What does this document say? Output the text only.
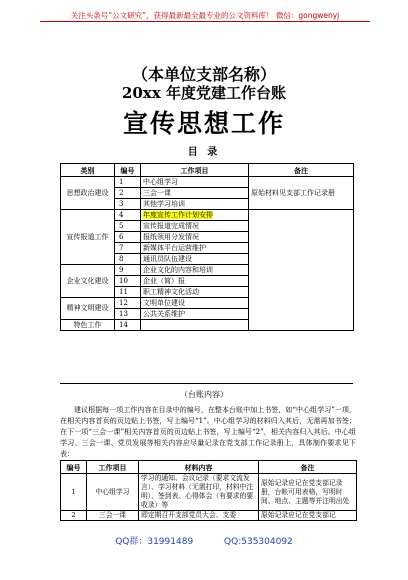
关注头条号“公文研究”，获得最新最全最专业的公文资料库！ 微信：gongwenyj
（本单位支部名称）
20xx 年度党建工作台账
宣传思想工作
目 录
类别	编号	工作项目	备注
思想政治建设	1	中心组学习	原始材料见支部工作记录册
	2	三会一课	
	3	其他学习培训	
宣传报道工作	4	年度宣传工作计划安排	
	5	宣传报道完成情况	
	6	报纸领用分发情况	
	7	新媒体平台运营维护	
	8	通讯员队伍建设	
企业文化建设	9	企业文化的内容和培训	
	10	企业（简）报	
	11	职工精神文化活动	
精神文明建设	12	文明单位建设	
	13	公共关系维护	
特色工作	14		
（台账内容）
建议根据每一项工作内容在目录中的编号，在整本台账中加上书签，如“中心组学习”一项，在相关内容首页的页边贴上书签，写上编号“1”。中心组学习的材料归入其后，无需再加书签；在下一项“三会一课”相关内容首页的页边贴上书签，写上编号“2”，相关内容归入其后。中心组学习、三会一课、党员发展等相关内容应尽量记录在党支部工作记录册上，具体制作要求见下表：
编号	工作项目	材料内容	备注
1	中心组学习	学习的通知、会议记录（要求文流发言）、学习材料（无需打印，材料中注明）、签到表、心得体会（有要求的要收录）等	原始记录应记在党支部记录册，台帐可用表格，写明时间、地点、主题等并注明出处
2	三会一课	即定期召开支部党员大会、支委	原始记录应记在党支部记
QQ群：31991489	QQ:535304092
